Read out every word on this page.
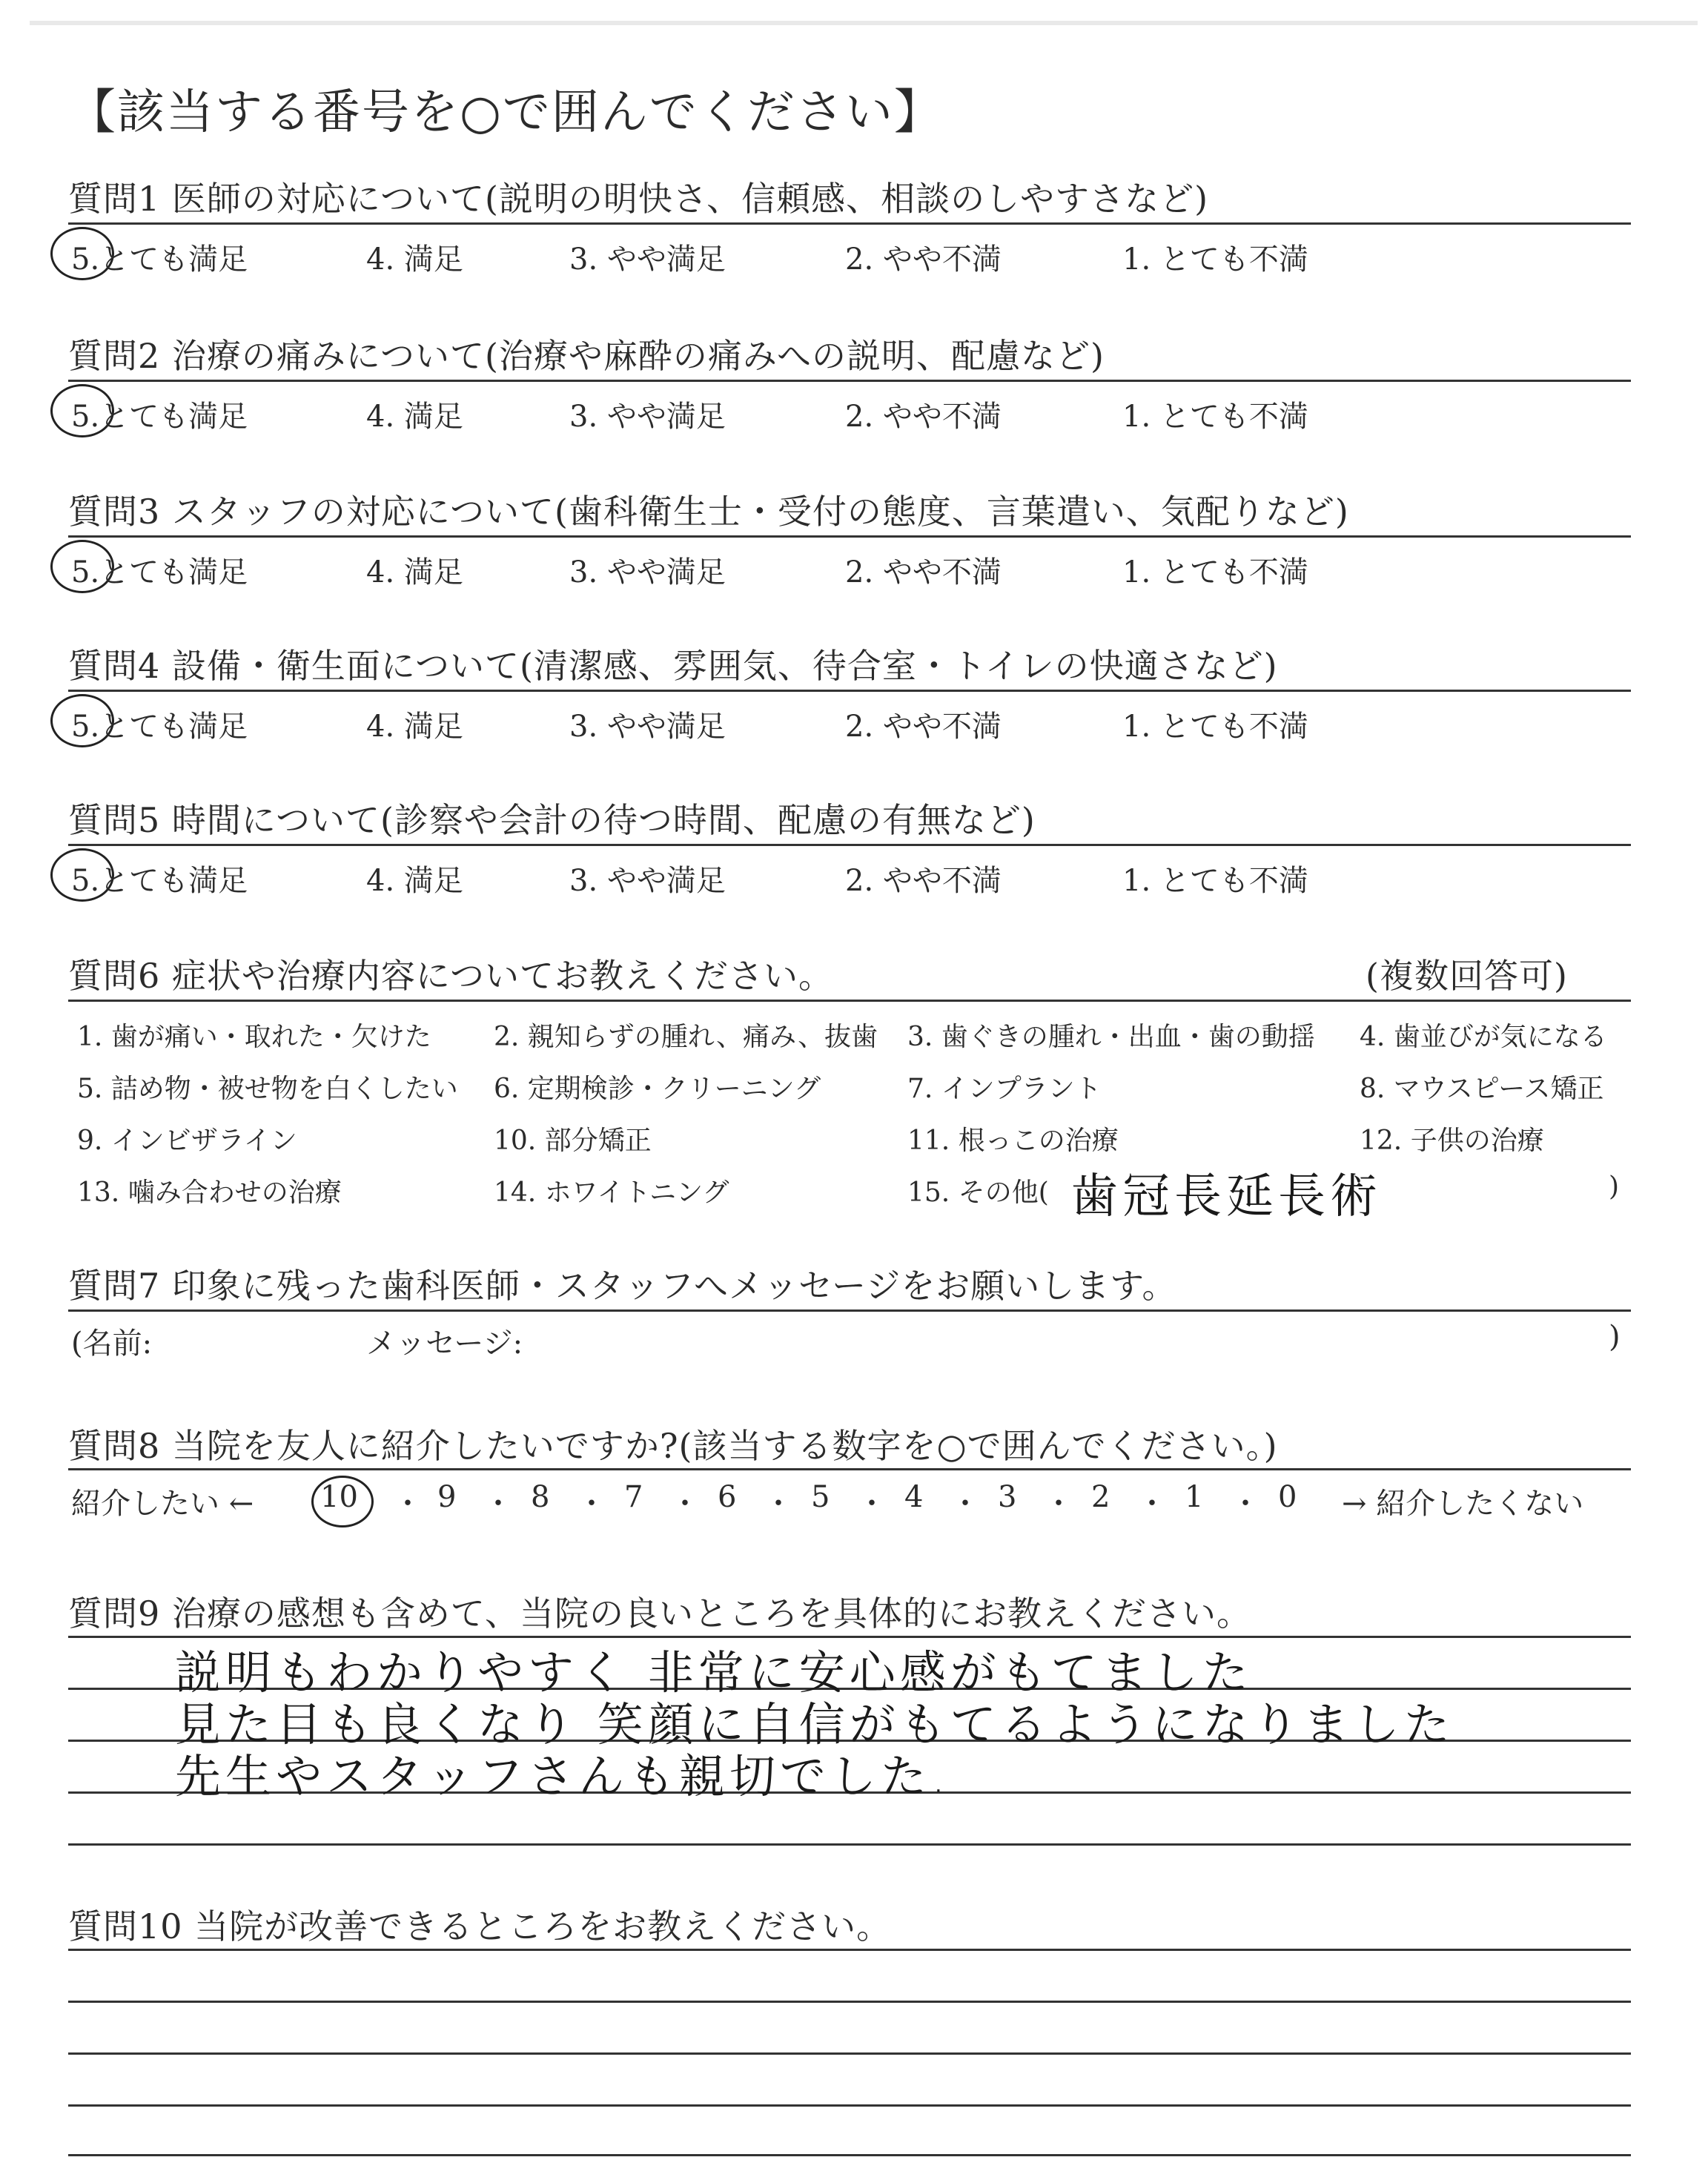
【該当する番号を○で囲んでください】
質問1 医師の対応について(説明の明快さ、信頼感、相談のしやすさなど)
5.とても満足	4. 満足	3. やや満足	2. やや不満	1. とても不満
質問2 治療の痛みについて(治療や麻酔の痛みへの説明、配慮など)
5.とても満足	4. 満足	3. やや満足	2. やや不満	1. とても不満
質問3 スタッフの対応について(歯科衛生士・受付の態度、言葉遣い、気配りなど)
5.とても満足	4. 満足	3. やや満足	2. やや不満	1. とても不満
質問4 設備・衛生面について(清潔感、雰囲気、待合室・トイレの快適さなど)
5.とても満足	4. 満足	3. やや満足	2. やや不満	1. とても不満
質問5 時間について(診察や会計の待つ時間、配慮の有無など)
5.とても満足	4. 満足	3. やや満足	2. やや不満	1. とても不満
質問6 症状や治療内容についてお教えください。	(複数回答可)
1. 歯が痛い・取れた・欠けた 2. 親知らずの腫れ、痛み、抜歯 3. 歯ぐきの腫れ・出血・歯の動揺 4. 歯並びが気になる
5. 詰め物・被せ物を白くしたい 6. 定期検診・クリーニング	7. インプラント	8. マウスピース矯正
9. インビザライン	10. 部分矯正	11. 根っこの治療	12. 子供の治療
13. 噛み合わせの治療	14. ホワイトニング	15. その他( 歯冠長延長術	)
質問7 印象に残った歯科医師・スタッフへメッセージをお願いします。
(名前:	メッセージ:	)
質問8 当院を友人に紹介したいですか?(該当する数字を○で囲んでください。)
紹介したい ← 10 ・ 9 ・ 8 ・ 7 ・ 6 ・ 5 ・ 4 ・ 3 ・ 2 ・ 1 ・ 0 → 紹介したくない
質問9 治療の感想も含めて、当院の良いところを具体的にお教えください。
説明もわかりやすく 非常に安心感がもてました
見た目も良くなり 笑顔に自信がもてるようになりました
先生やスタッフさんも親切でした.
質問10 当院が改善できるところをお教えください。
